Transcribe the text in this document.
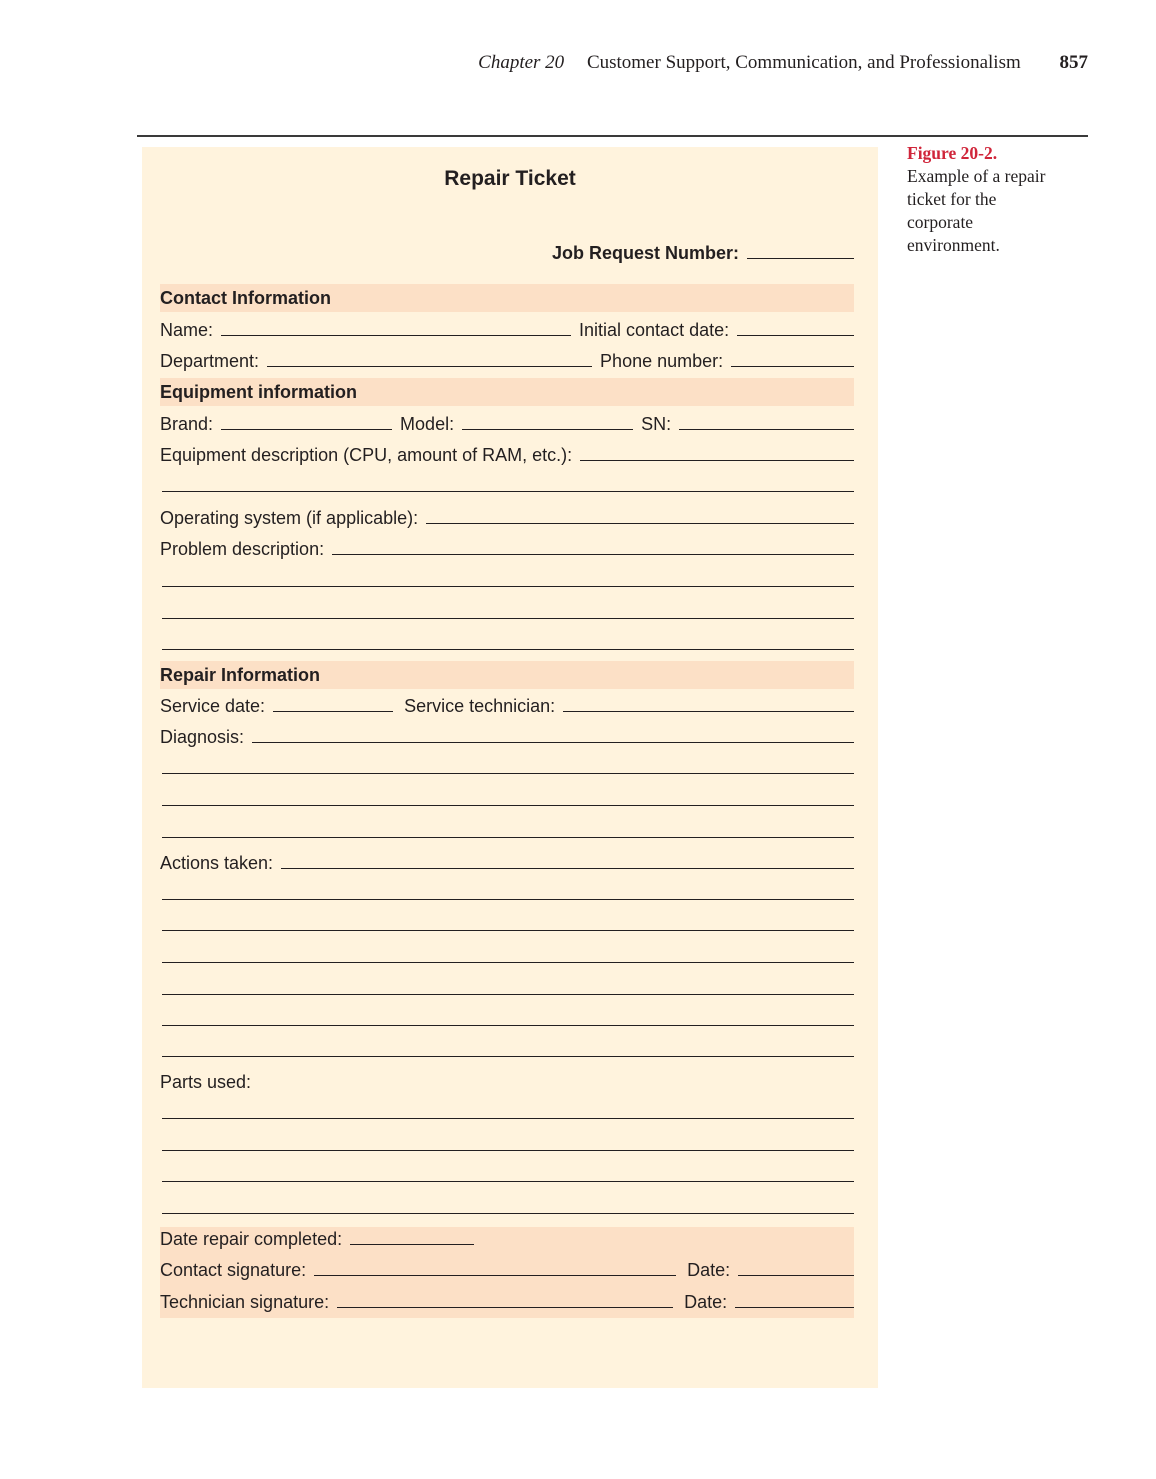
Chapter 20 Customer Support, Communication, and Professionalism 857
Figure 20-2.
Example of a repair ticket for the corporate environment.
Repair Ticket
Job Request Number:
Contact Information
Name:	Initial contact date:
Department:	Phone number:
Equipment information
Brand:	Model:	SN:
Equipment description (CPU, amount of RAM, etc.):
Operating system (if applicable):
Problem description:
Repair Information
Service date:	Service technician:
Diagnosis:
Actions taken:
Parts used:
Date repair completed:
Contact signature:	Date:
Technician signature:	Date:
